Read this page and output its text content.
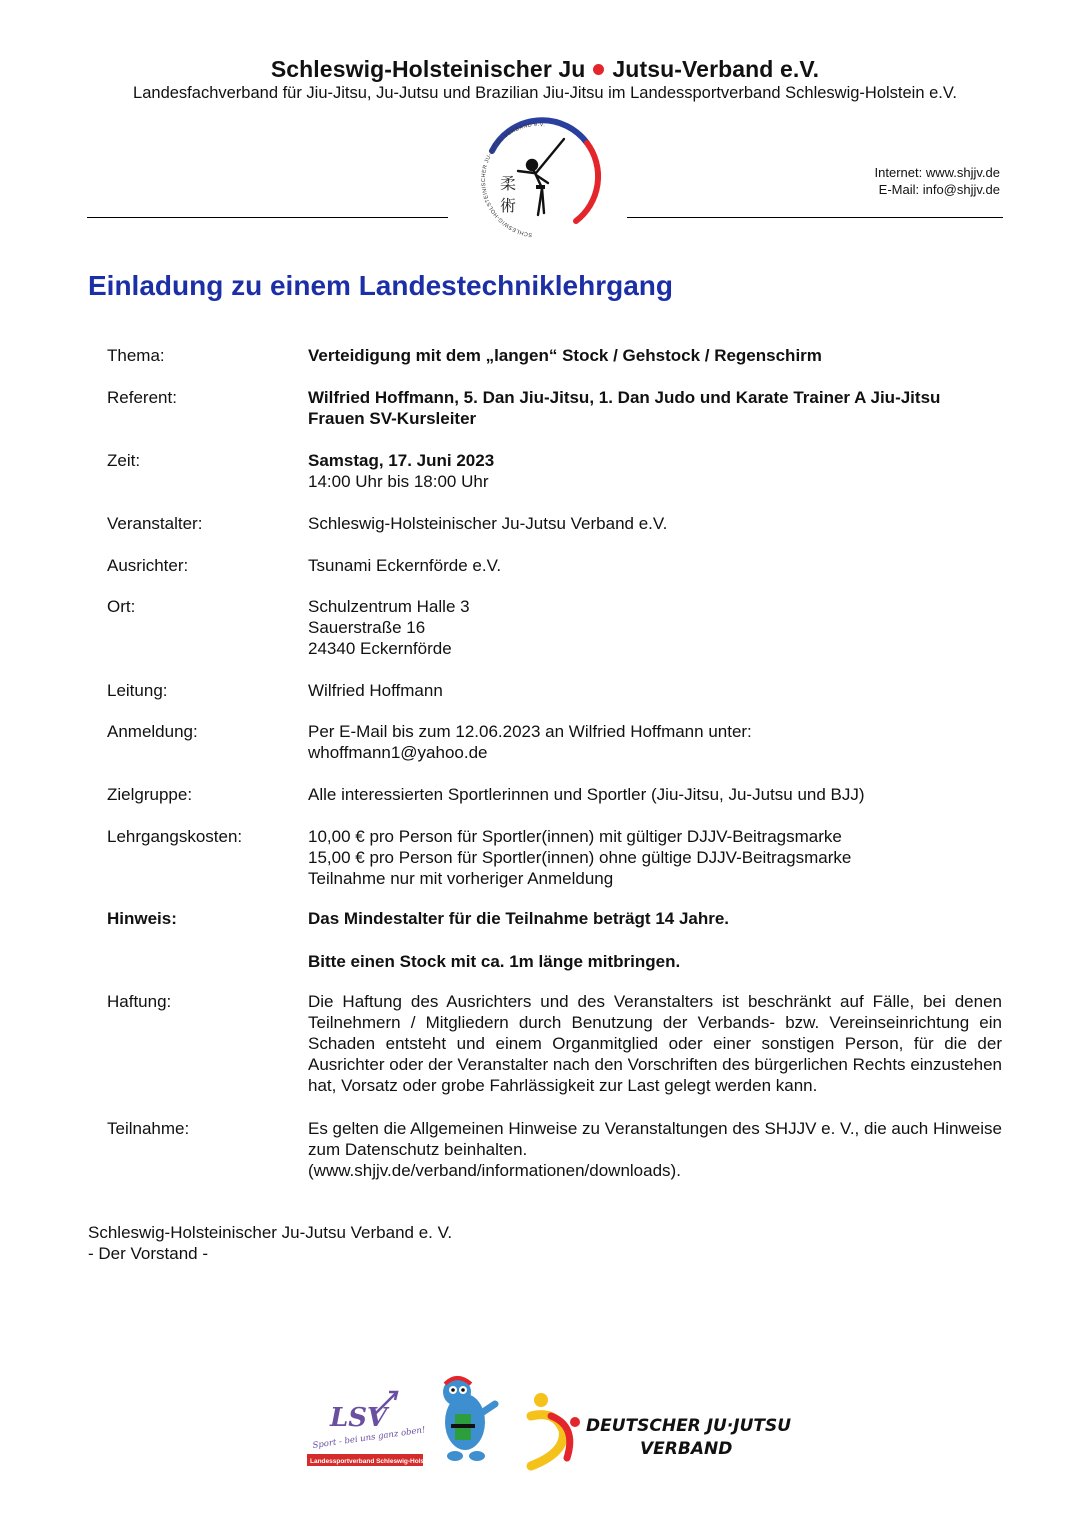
Schleswig-Holsteinischer Ju Jutsu-Verband e.V.
Landesfachverband für Jiu-Jitsu, Ju-Jutsu und Brazilian Jiu-Jitsu im Landessportverband Schleswig-Holstein e.V.
SCHLESWIG-HOLSTEINISCHER JU-JUTSU VERBAND e.V.
柔
術
Internet: www.shjjv.de
E-Mail: info@shjjv.de
Einladung zu einem Landestechniklehrgang
Thema:	Verteidigung mit dem „langen“ Stock / Gehstock / Regenschirm
Referent:	Wilfried Hoffmann, 5. Dan Jiu-Jitsu, 1. Dan Judo und Karate Trainer A Jiu-Jitsu
Frauen SV-Kursleiter
Zeit:	Samstag, 17. Juni 2023
14:00 Uhr bis 18:00 Uhr
Veranstalter:	Schleswig-Holsteinischer Ju-Jutsu Verband e.V.
Ausrichter:	Tsunami Eckernförde e.V.
Ort:	Schulzentrum Halle 3
Sauerstraße 16
24340 Eckernförde
Leitung:	Wilfried Hoffmann
Anmeldung:	Per E-Mail bis zum 12.06.2023 an Wilfried Hoffmann unter:
whoffmann1@yahoo.de
Zielgruppe:	Alle interessierten Sportlerinnen und Sportler (Jiu-Jitsu, Ju-Jutsu und BJJ)
Lehrgangskosten:	10,00 € pro Person für Sportler(innen) mit gültiger DJJV-Beitragsmarke
15,00 € pro Person für Sportler(innen) ohne gültige DJJV-Beitragsmarke
Teilnahme nur mit vorheriger Anmeldung
Hinweis:	Das Mindestalter für die Teilnahme beträgt 14 Jahre.
Bitte einen Stock mit ca. 1m länge mitbringen.
Haftung:	Die Haftung des Ausrichters und des Veranstalters ist beschränkt auf Fälle, bei denen Teilnehmern / Mitgliedern durch Benutzung der Verbands- bzw. Vereinseinrichtung ein Schaden entsteht und einem Organmitglied oder einer sonstigen Person, für die der Ausrichter oder der Veranstalter nach den Vorschriften des bürgerlichen Rechts einzustehen hat, Vorsatz oder grobe Fahrlässigkeit zur Last gelegt werden kann.
Teilnahme:	Es gelten die Allgemeinen Hinweise zu Veranstaltungen des SHJJV e. V., die auch Hinweise zum Datenschutz beinhalten.
(www.shjjv.de/verband/informationen/downloads).
Schleswig-Holsteinischer Ju-Jutsu Verband e. V.
- Der Vorstand -
LSV
Sport - bei uns ganz oben!
Landessportverband Schleswig-Holstein
DEUTSCHER JU·JUTSU
VERBAND
